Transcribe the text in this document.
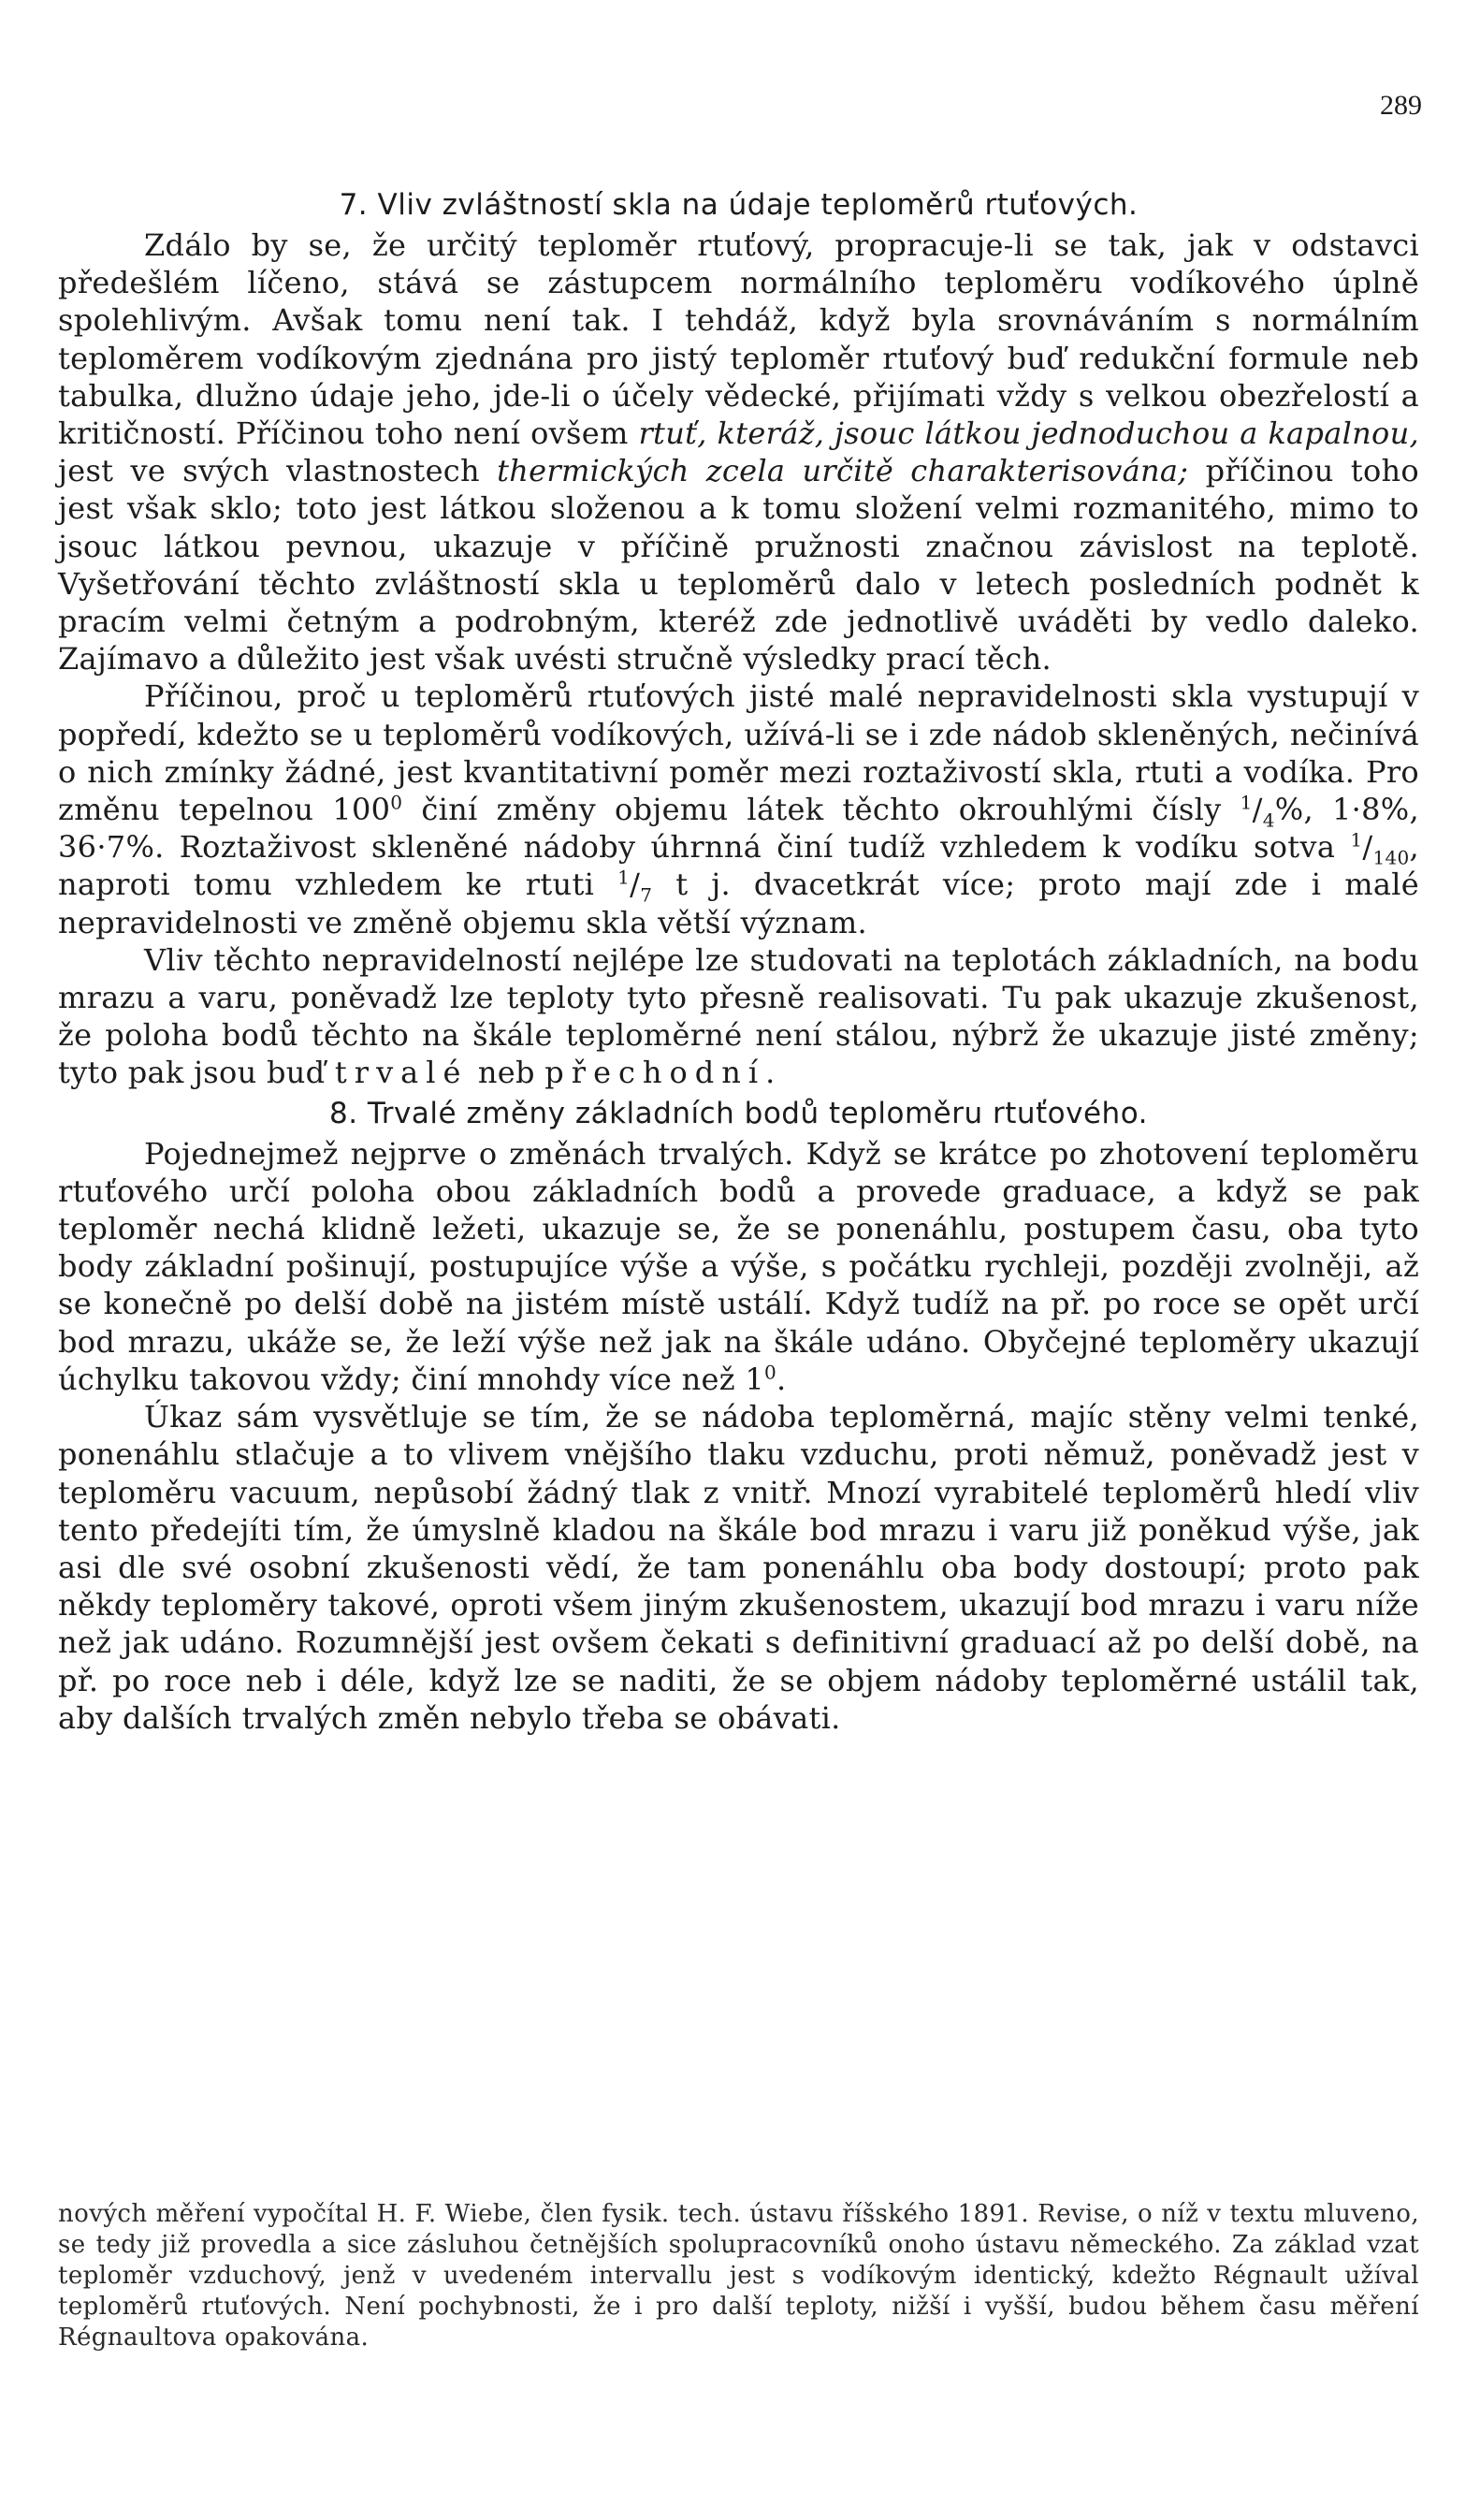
289
7. Vliv zvláštností skla na údaje teploměrů rtuťových.

Zdálo by se, že určitý teploměr rtuťový, propracuje-li se tak, jak v odstavci předešlém líčeno, stává se zástupcem normálního teploměru vodíkového úplně spolehlivým. Avšak tomu není tak. I tehdáž, když byla srovnáváním s normálním teploměrem vodíkovým zjednána pro jistý teploměr rtuťový buď redukční formule neb tabulka, dlužno údaje jeho, jde-li o účely vědecké, přijímati vždy s velkou obezřelostí a kritičností. Příčinou toho není ovšem rtuť, kteráž, jsouc látkou jednoduchou a kapalnou, jest ve svých vlastnostech thermických zcela určitě charakterisována; příčinou toho jest však sklo; toto jest látkou složenou a k tomu složení velmi rozmanitého, mimo to jsouc látkou pevnou, ukazuje v příčině pružnosti značnou závislost na teplotě. Vyšetřování těchto zvláštností skla u teploměrů dalo v letech posledních podnět k pracím velmi četným a podrobným, kteréž zde jednotlivě uváděti by vedlo daleko. Zajímavo a důležito jest však uvésti stručně výsledky prací těch.

Příčinou, proč u teploměrů rtuťových jisté malé nepravidelnosti skla vystupují v popředí, kdežto se u teploměrů vodíkových, užívá-li se i zde nádob skleněných, nečinívá o nich zmínky žádné, jest kvantitativní poměr mezi roztaživostí skla, rtuti a vodíka. Pro změnu tepelnou $100^0$ činí změny objemu látek těchto okrouhlými čísly $^1/_4\%$, 1·8%, 36·7%. Roztaživost skleněné nádoby úhrnná činí tudíž vzhledem k vodíku sotva $^1/_{140}$, naproti tomu vzhledem ke rtuti $^1/_7$ t j. dvacetkrát více; proto mají zde i malé nepravidelnosti ve změně objemu skla větší význam.

Vliv těchto nepravidelností nejlépe lze studovati na teplotách základních, na bodu mrazu a varu, poněvadž lze teploty tyto přesně realisovati. Tu pak ukazuje zkušenost, že poloha bodů těchto na škále teploměrné není stálou, nýbrž že ukazuje jisté změny; tyto pak jsou buď trvalé neb přechodní.

8. Trvalé změny základních bodů teploměru rtuťového.

Pojednejmež nejprve o změnách trvalých. Když se krátce po zhotovení teploměru rtuťového určí poloha obou základních bodů a provede graduace, a když se pak teploměr nechá klidně ležeti, ukazuje se, že se ponenáhlu, postupem času, oba tyto body základní pošinují, postupujíce výše a výše, s počátku rychleji, později zvolněji, až se konečně po delší době na jistém místě ustálí. Když tudíž na př. po roce se opět určí bod mrazu, ukáže se, že leží výše než jak na škále udáno. Obyčejné teploměry ukazují úchylku takovou vždy; činí mnohdy více než $1^0$.

Úkaz sám vysvětluje se tím, že se nádoba teploměrná, majíc stěny velmi tenké, ponenáhlu stlačuje a to vlivem vnějšího tlaku vzduchu, proti němuž, poněvadž jest v teploměru vacuum, nepůsobí žádný tlak z vnitř. Mnozí vyrabitelé teploměrů hledí vliv tento předejíti tím, že úmyslně kladou na škále bod mrazu i varu již poněkud výše, jak asi dle své osobní zkušenosti vědí, že tam ponenáhlu oba body dostoupí; proto pak někdy teploměry takové, oproti všem jiným zkušenostem, ukazují bod mrazu i varu níže než jak udáno. Rozumnější jest ovšem čekati s definitivní graduací až po delší době, na př. po roce neb i déle, když lze se naditi, že se objem nádoby teploměrné ustálil tak, aby dalších trvalých změn nebylo třeba se obávati.

nových měření vypočítal H. F. Wiebe, člen fysik. tech. ústavu říšského 1891. Revise, o níž v textu mluveno, se tedy již provedla a sice zásluhou četnějších spolupracovníků onoho ústavu německého. Za základ vzat teploměr vzduchový, jenž v uvedeném intervallu jest s vodíkovým identický, kdežto Régnault užíval teploměrů rtuťových. Není pochybnosti, že i pro další teploty, nižší i vyšší, budou během času měření Régnaultova opakována.
